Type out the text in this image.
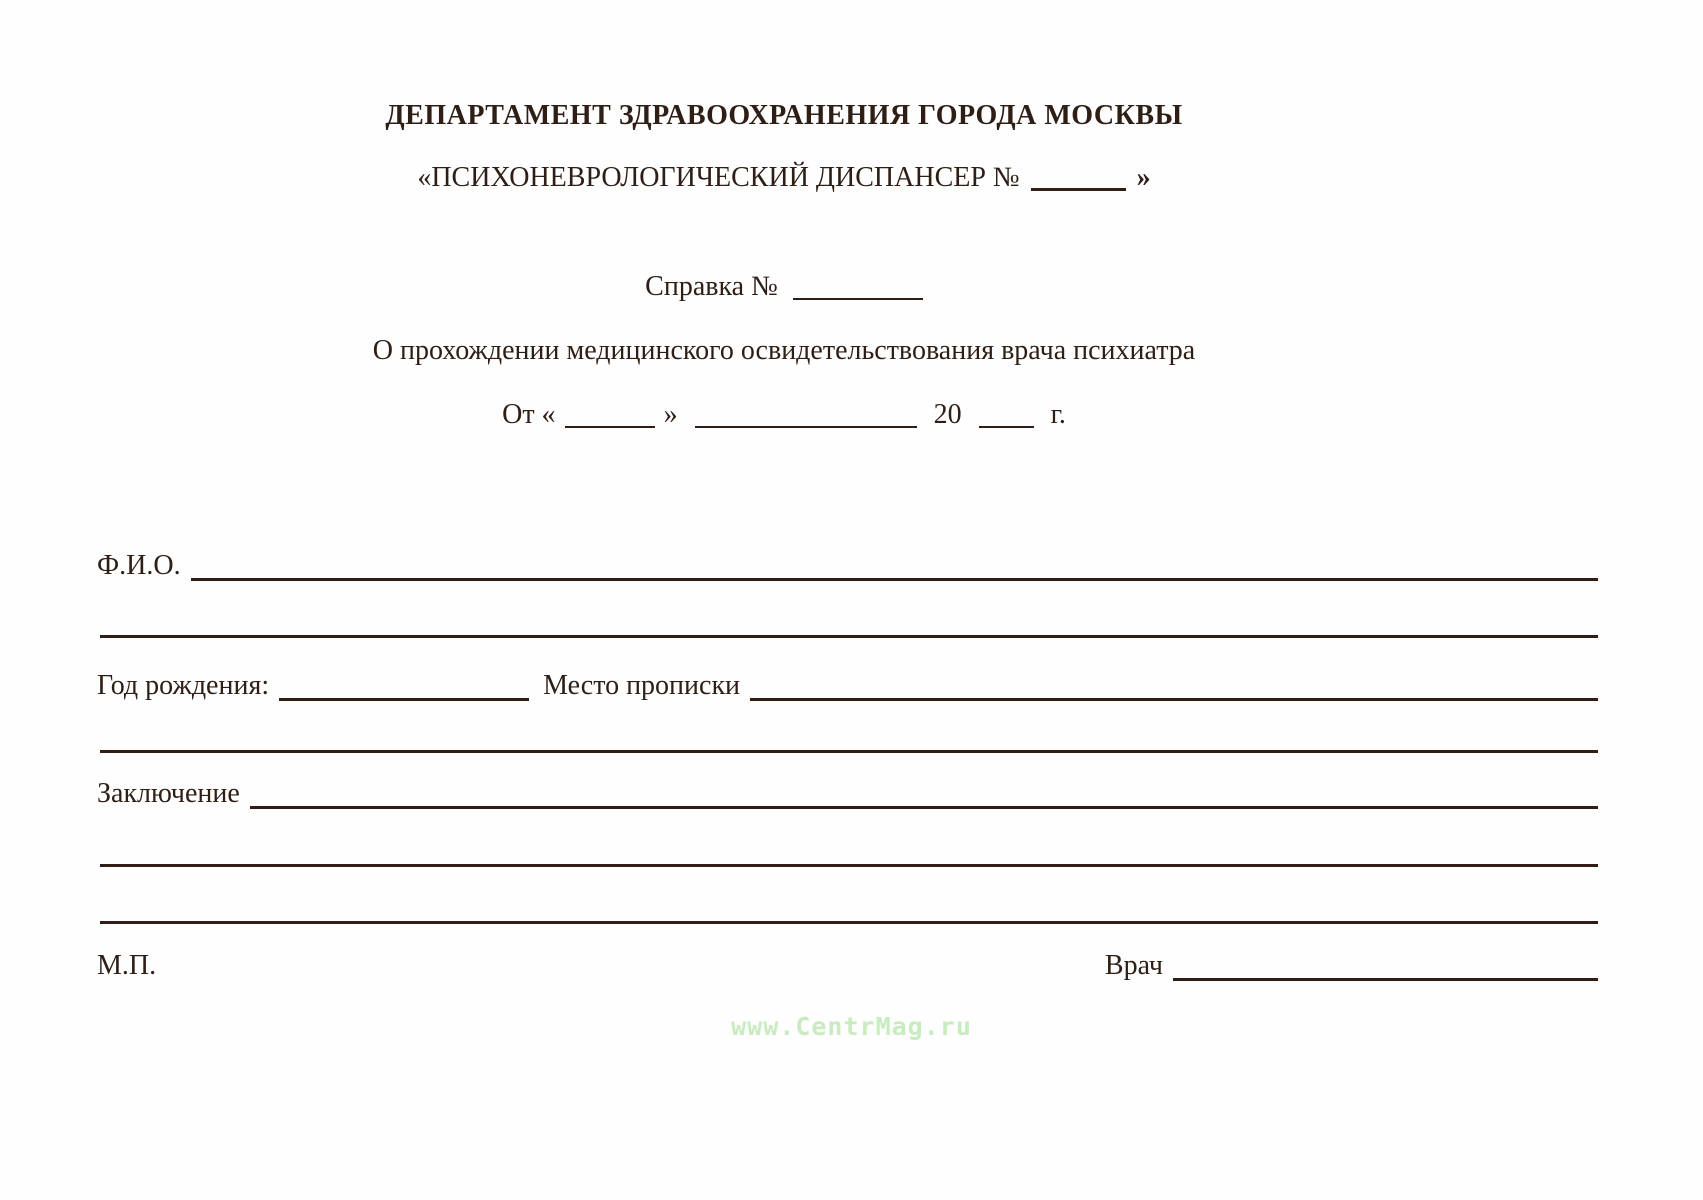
ДЕПАРТАМЕНТ ЗДРАВООХРАНЕНИЯ ГОРОДА МОСКВЫ
«ПСИХОНЕВРОЛОГИЧЕСКИЙ ДИСПАНСЕР №	»
Справка №
О прохождении медицинского освидетельствования врача психиатра
От «	»	20	г.
Ф.И.О.
Год рождения:	Место прописки
Заключение
М.П.	Врач
www.CentrMag.ru
